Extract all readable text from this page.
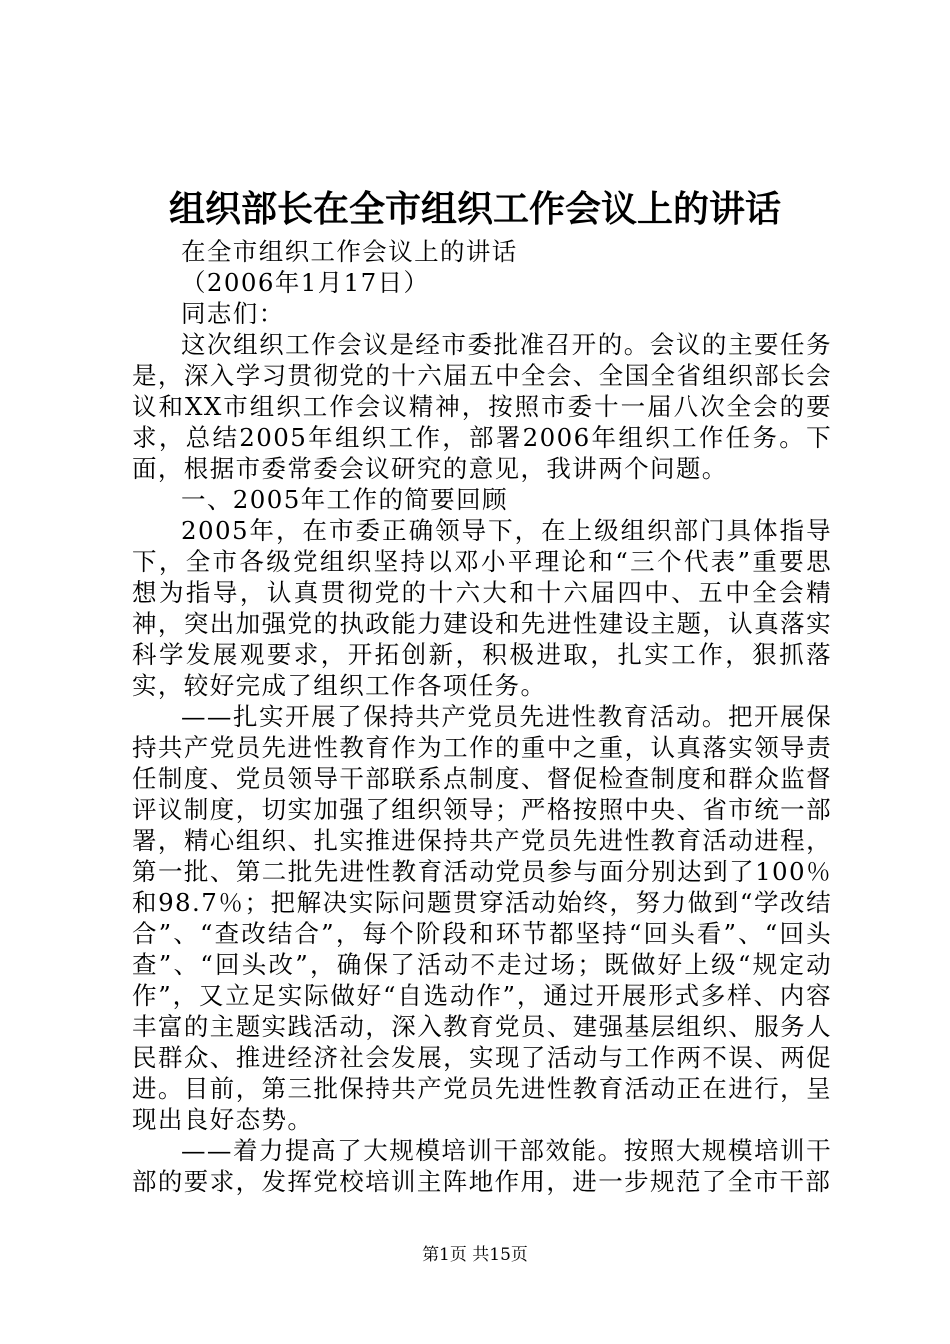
组织部长在全市组织工作会议上的讲话

在全市组织工作会议上的讲话

（2006年1月17日）

同志们：

这次组织工作会议是经市委批准召开的。会议的主要任务是，深入学习贯彻党的十六届五中全会、全国全省组织部长会议和XX市组织工作会议精神，按照市委十一届八次全会的要求，总结2005年组织工作，部署2006年组织工作任务。下面，根据市委常委会议研究的意见，我讲两个问题。

一、2005年工作的简要回顾

2005年，在市委正确领导下，在上级组织部门具体指导下，全市各级党组织坚持以邓小平理论和“三个代表”重要思想为指导，认真贯彻党的十六大和十六届四中、五中全会精神，突出加强党的执政能力建设和先进性建设主题，认真落实科学发展观要求，开拓创新，积极进取，扎实工作，狠抓落实，较好完成了组织工作各项任务。

——扎实开展了保持共产党员先进性教育活动。把开展保持共产党员先进性教育作为工作的重中之重，认真落实领导责任制度、党员领导干部联系点制度、督促检查制度和群众监督评议制度，切实加强了组织领导；严格按照中央、省市统一部署，精心组织、扎实推进保持共产党员先进性教育活动进程，第一批、第二批先进性教育活动党员参与面分别达到了100％和98.7％；把解决实际问题贯穿活动始终，努力做到“学改结合”、“查改结合”，每个阶段和环节都坚持“回头看”、“回头查”、“回头改”，确保了活动不走过场；既做好上级“规定动作”，又立足实际做好“自选动作”，通过开展形式多样、内容丰富的主题实践活动，深入教育党员、建强基层组织、服务人民群众、推进经济社会发展，实现了活动与工作两不误、两促进。目前，第三批保持共产党员先进性教育活动正在进行，呈现出良好态势。

——着力提高了大规模培训干部效能。按照大规模培训干部的要求，发挥党校培训主阵地作用，进一步规范了全市干部

第1页 共15页
